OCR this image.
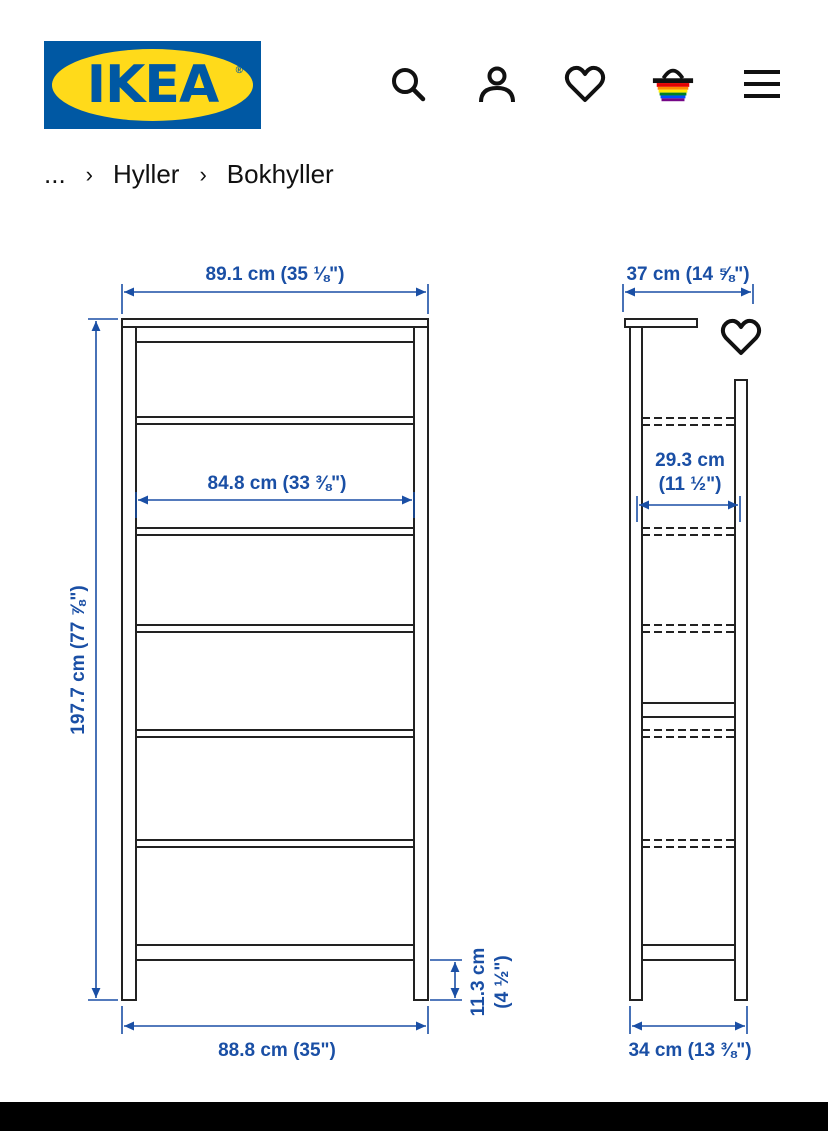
IKEA	®
... › Hyller › Bokhyller
89.1 cm (35 ⅛")
84.8 cm (33 ⅜")
197.7 cm (77 ⅞")
88.8 cm (35")
11.3 cm (4 ½")
37 cm (14 ⅝")
29.3 cm
(11 ½")
34 cm (13 ⅜")
